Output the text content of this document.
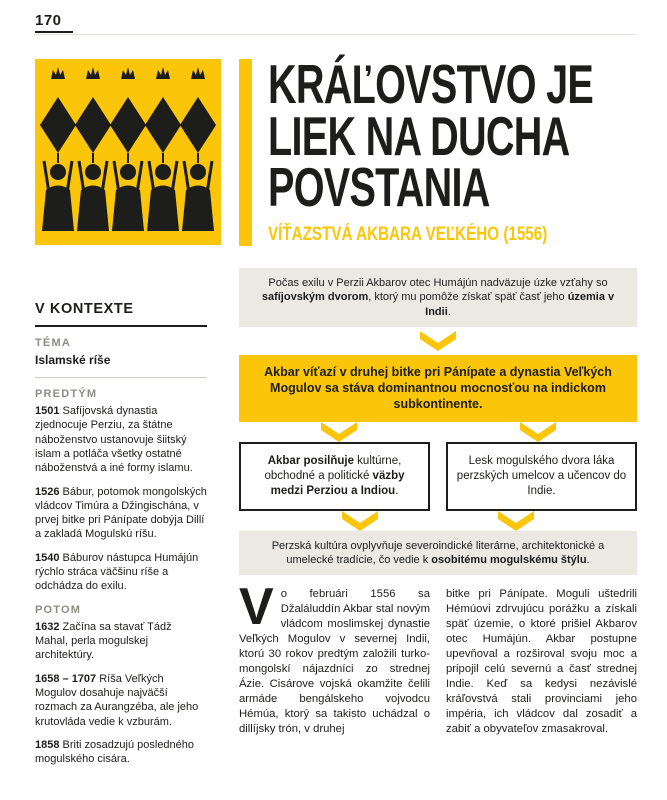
170
V KONTEXTE
TÉMA
Islamské ríše
PREDTÝM

1501 Safíjovská dynastia zjednocuje Perziu, za štátne náboženstvo ustanovuje šiitský islam a potláča všetky ostatné náboženstvá a iné formy islamu.

1526 Bábur, potomok mongolských vládcov Timúra a Džingischána, v prvej bitke pri Pánípate dobýja Dillí a zakladá Mogulskú ríšu.

1540 Báburov nástupca Humájún rýchlo stráca väčšinu ríše a odchádza do exilu.

POTOM

1632 Začína sa stavať Tádž Mahal, perla mogulskej architektúry.

1658 – 1707 Ríša Veľkých Mogulov dosahuje najväčší rozmach za Aurangzéba, ale jeho krutovláda vedie k vzburám.

1858 Briti zosadzujú posledného mogulského cisára.

KRÁĽOVSTVO JE
LIEK NA DUCHA
POVSTANIA
VÍŤAZSTVÁ AKBARA VEĽKÉHO (1556)
Počas exilu v Perzii Akbarov otec Humájún nadväzuje úzke vzťahy so safíjovským dvorom, ktorý mu pomôže získať späť časť jeho územia v Indii.
Akbar víťazí v druhej bitke pri Pánípate a dynastia Veľkých Mogulov sa stáva dominantnou mocnosťou na indickom subkontinente.
Akbar posilňuje kultúrne, obchodné a politické väzby medzi Perziou a Indiou.
Lesk mogulského dvora láka perzských umelcov a učencov do Indie.
Perzská kultúra ovplyvňuje severoindické literárne, architektonické a umelecké tradície, čo vedie k osobitému mogulskému štýlu.
Vo februári 1556 sa Džaláluddín Akbar stal novým vládcom moslimskej dynastie Veľkých Mogulov v severnej Indii, ktorú 30 rokov predtým založili turko-mongolskí nájazdníci zo strednej Ázie. Cisárove vojská okamžite čelili armáde bengálskeho vojvodcu Hémúa, ktorý sa takisto uchádzal o dillíjsky trón, v druhej
bitke pri Pánípate. Moguli uštedrili Hémúovi zdrvujúcu porážku a získali späť územie, o ktoré prišiel Akbarov otec Humájún. Akbar postupne upevňoval a rozširoval svoju moc a pripojil celú severnú a časť strednej Indie. Keď sa kedysi nezávislé kráľovstvá stali provinciami jeho impéria, ich vládcov dal zosadiť a zabiť a obyvateľov zmasakroval.
